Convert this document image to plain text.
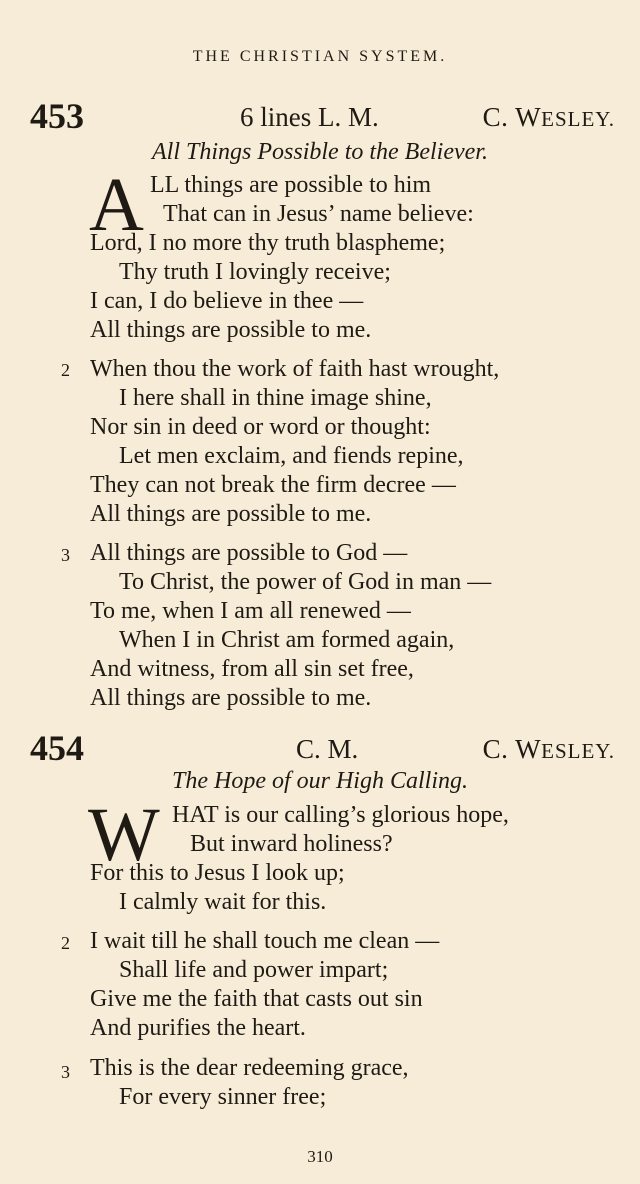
THE CHRISTIAN SYSTEM.
453	6 lines L. M.	C. WESLEY.
All Things Possible to the Believer.
A LL things are possible to him
That can in Jesus’ name believe:
Lord, I no more thy truth blaspheme;
Thy truth I lovingly receive;
I can, I do believe in thee —
All things are possible to me.
2 When thou the work of faith hast wrought,
I here shall in thine image shine,
Nor sin in deed or word or thought:
Let men exclaim, and fiends repine,
They can not break the firm decree —
All things are possible to me.
3 All things are possible to God —
To Christ, the power of God in man —
To me, when I am all renewed —
When I in Christ am formed again,
And witness, from all sin set free,
All things are possible to me.
454	C. M.	C. WESLEY.
The Hope of our High Calling.
W HAT is our calling’s glorious hope,
But inward holiness?
For this to Jesus I look up;
I calmly wait for this.
2 I wait till he shall touch me clean —
Shall life and power impart;
Give me the faith that casts out sin
And purifies the heart.
3 This is the dear redeeming grace,
For every sinner free;
310
